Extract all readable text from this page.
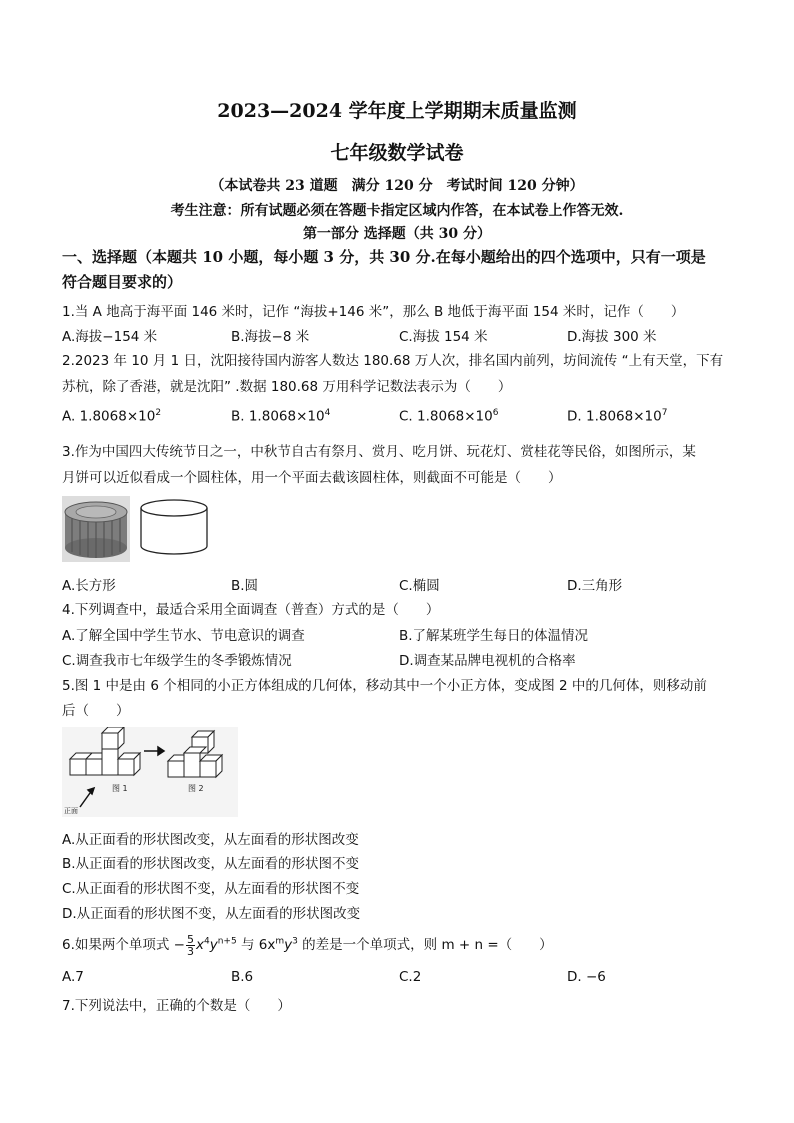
2023—2024 学年度上学期期末质量监测
七年级数学试卷
（本试卷共 23 道题　满分 120 分　考试时间 120 分钟）
考生注意：所有试题必须在答题卡指定区域内作答，在本试卷上作答无效.
第一部分 选择题（共 30 分）
一、选择题（本题共 10 小题，每小题 3 分，共 30 分.在每小题给出的四个选项中，只有一项是
符合题目要求的）
1.当 A 地高于海平面 146 米时，记作 “海拔+146 米”，那么 B 地低于海平面 154 米时，记作（　　）
A.海拔−154 米	B.海拔−8 米	C.海拔 154 米	D.海拔 300 米
2.2023 年 10 月 1 日，沈阳接待国内游客人数达 180.68 万人次，排名国内前列，坊间流传 “上有天堂，下有
苏杭，除了香港，就是沈阳” .数据 180.68 万用科学记数法表示为（　　）
A. $1.8068\times 10^2$	B. $1.8068\times 10^4$	C. $1.8068\times 10^6$	D. $1.8068\times 10^7$
3.作为中国四大传统节日之一，中秋节自古有祭月、赏月、吃月饼、玩花灯、赏桂花等民俗，如图所示，某
月饼可以近似看成一个圆柱体，用一个平面去截该圆柱体，则截面不可能是（　　）
A.长方形	B.圆	C.椭圆	D.三角形
4.下列调查中，最适合采用全面调查（普查）方式的是（　　）
A.了解全国中学生节水、节电意识的调查	B.了解某班学生每日的体温情况
C.调查我市七年级学生的冬季锻炼情况	D.调查某品牌电视机的合格率
5.图 1 中是由 6 个相同的小正方体组成的几何体，移动其中一个小正方体，变成图 2 中的几何体，则移动前
后（　　）
图 1	图 2
正面
A.从正面看的形状图改变，从左面看的形状图改变
B.从正面看的形状图改变，从左面看的形状图不变
C.从正面看的形状图不变，从左面看的形状图不变
D.从正面看的形状图不变，从左面看的形状图改变
6.如果两个单项式 − $\frac{5}{3} x^4y^{n+5}$ 与 $6x^my^3$ 的差是一个单项式，则 m + n =（　　）
A.7	B.6	C.2	D. −6
7.下列说法中，正确的个数是（　　）
